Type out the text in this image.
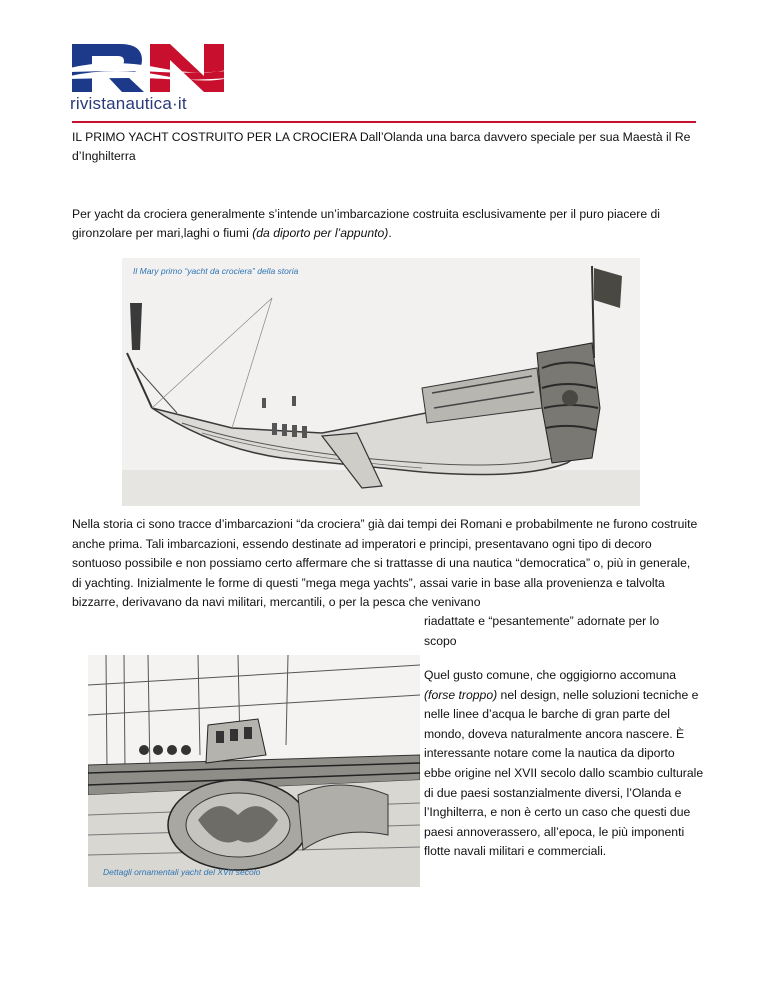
rivistanautica·it
IL PRIMO YACHT COSTRUITO PER LA CROCIERA Dall’Olanda una barca davvero speciale per sua Maestà il Re d’Inghilterra
Per yacht da crociera generalmente s’intende un’imbarcazione costruita esclusivamente per il puro piacere di gironzolare per mari,laghi o fiumi (da diporto per l’appunto).
Il Mary primo “yacht da crociera” della storia
Nella storia ci sono tracce d’imbarcazioni “da crociera” già dai tempi dei Romani e probabilmente ne furono costruite anche prima. Tali imbarcazioni, essendo destinate ad imperatori e principi, presentavano ogni tipo di decoro sontuoso possibile e non possiamo certo affermare che si trattasse di una nautica “democratica” o, più in generale, di yachting. Inizialmente le forme di questi ”mega mega yachts”, assai varie in base alla provenienza e talvolta bizzarre, derivavano da navi militari, mercantili, o per la pesca che venivano
riadattate e “pesantemente” adornate per lo scopo
Dettagli ornamentali yacht del XVII secolo
Quel gusto comune, che oggigiorno accomuna (forse troppo) nel design, nelle soluzioni tecniche e nelle linee d’acqua le barche di gran parte del mondo, doveva naturalmente ancora nascere. È interessante notare come la nautica da diporto ebbe origine nel XVII secolo dallo scambio culturale di due paesi sostanzialmente diversi, l’Olanda e l’Inghilterra, e non è certo un caso che questi due paesi annoverassero, all’epoca, le più imponenti flotte navali militari e commerciali.
